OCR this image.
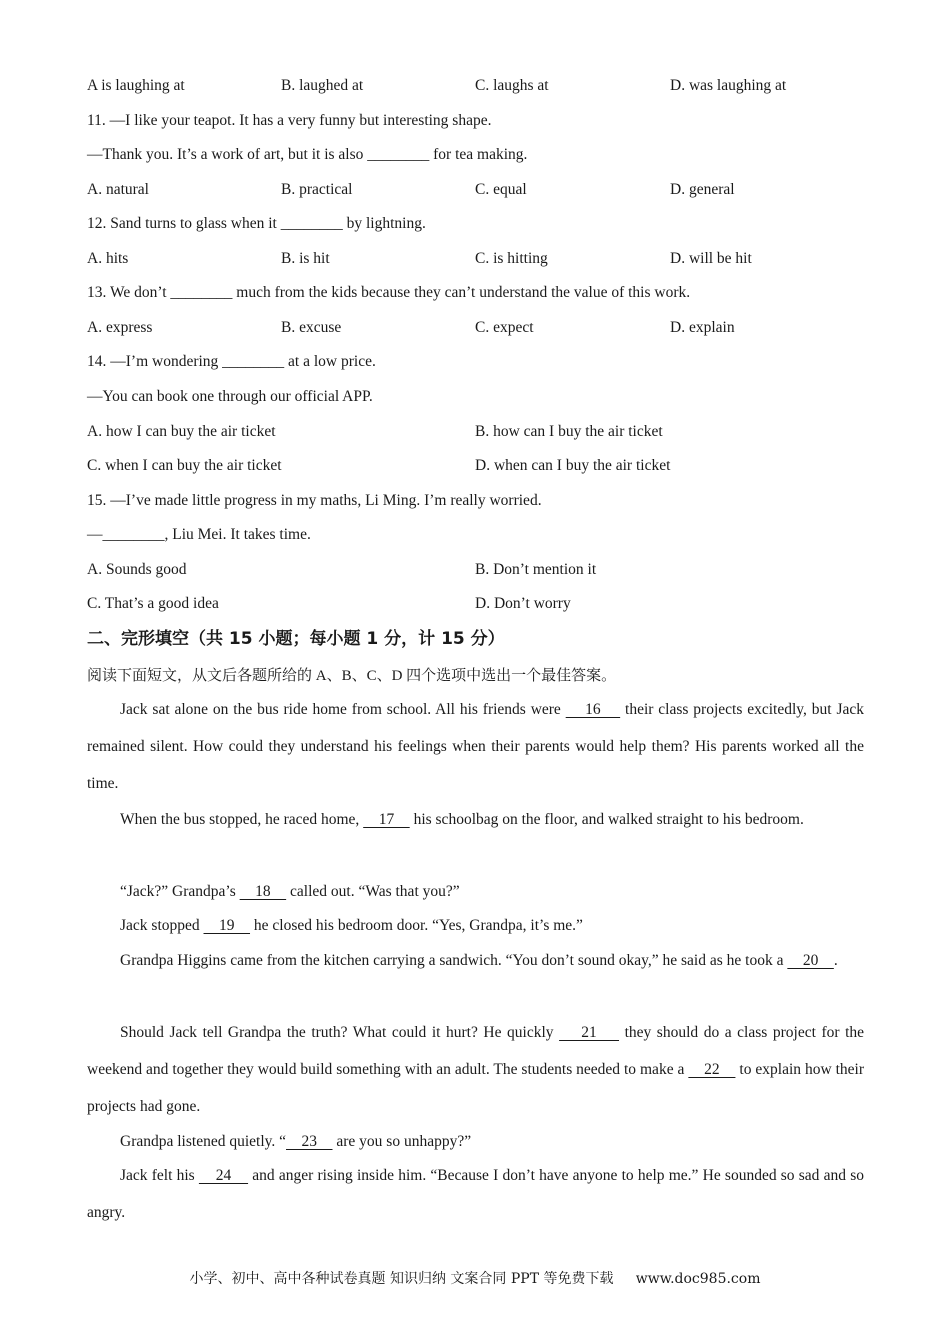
A is laughing at	B. laughed at	C. laughs at	D. was laughing at
11. —I like your teapot. It has a very funny but interesting shape.
—Thank you. It’s a work of art, but it is also ________ for tea making.
A. natural	B. practical	C. equal	D. general
12. Sand turns to glass when it ________ by lightning.
A. hits	B. is hit	C. is hitting	D. will be hit
13. We don’t ________ much from the kids because they can’t understand the value of this work.
A. express	B. excuse	C. expect	D. explain
14. —I’m wondering ________ at a low price.
—You can book one through our official APP.
A. how I can buy the air ticket	B. how can I buy the air ticket
C. when I can buy the air ticket	D. when can I buy the air ticket
15. —I’ve made little progress in my maths, Li Ming. I’m really worried.
—________, Liu Mei. It takes time.
A. Sounds good	B. Don’t mention it
C. That’s a good idea	D. Don’t worry
二、完形填空（共 15 小题；每小题 1 分，计 15 分）
阅读下面短文，从文后各题所给的 A、B、C、D 四个选项中选出一个最佳答案。
Jack sat alone on the bus ride home from school. All his friends were     16     their class projects excitedly, but Jack remained silent. How could they understand his feelings when their parents would help them? His parents worked all the time.
When the bus stopped, he raced home,     17     his schoolbag on the floor, and walked straight to his bedroom.
“Jack?” Grandpa’s     18     called out. “Was that you?”
Jack stopped     19     he closed his bedroom door. “Yes, Grandpa, it’s me.”
Grandpa Higgins came from the kitchen carrying a sandwich. “You don’t sound okay,” he said as he took a     20    .
Should Jack tell Grandpa the truth? What could it hurt? He quickly     21     they should do a class project for the weekend and together they would build something with an adult. The students needed to make a     22     to explain how their projects had gone.
Grandpa listened quietly. “    23     are you so unhappy?”
Jack felt his     24     and anger rising inside him. “Because I don’t have anyone to help me.” He sounded so sad and so angry.
小学、初中、高中各种试卷真题 知识归纳 文案合同 PPT 等免费下载 www.doc985.com
